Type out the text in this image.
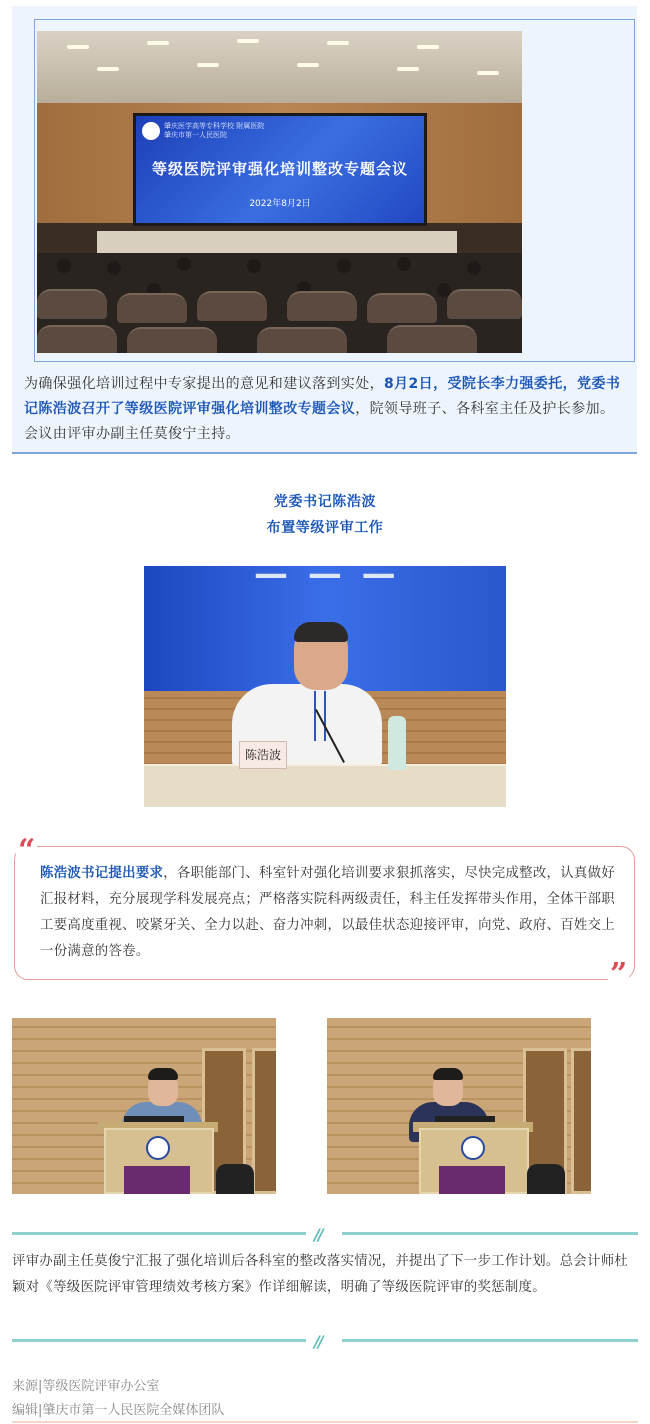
肇庆医学高等专科学校 附属医院
肇庆市第一人民医院
等级医院评审强化培训整改专题会议
2022年8月2日

为确保强化培训过程中专家提出的意见和建议落到实处，8月2日，受院长李力强委托，党委书记陈浩波召开了等级医院评审强化培训整改专题会议，院领导班子、各科室主任及护长参加。会议由评审办副主任莫俊宁主持。

党委书记陈浩波
布置等级评审工作
— — —
陈浩波
“
”

陈浩波书记提出要求，各职能部门、科室针对强化培训要求狠抓落实，尽快完成整改，认真做好汇报材料，充分展现学科发展亮点；严格落实院科两级责任，科主任发挥带头作用，全体干部职工要高度重视、咬紧牙关、全力以赴、奋力冲刺，以最佳状态迎接评审，向党、政府、百姓交上一份满意的答卷。

//

评审办副主任莫俊宁汇报了强化培训后各科室的整改落实情况，并提出了下一步工作计划。总会计师杜颖对《等级医院评审管理绩效考核方案》作详细解读，明确了等级医院评审的奖惩制度。

//
来源|等级医院评审办公室
编辑|肇庆市第一人民医院全媒体团队
